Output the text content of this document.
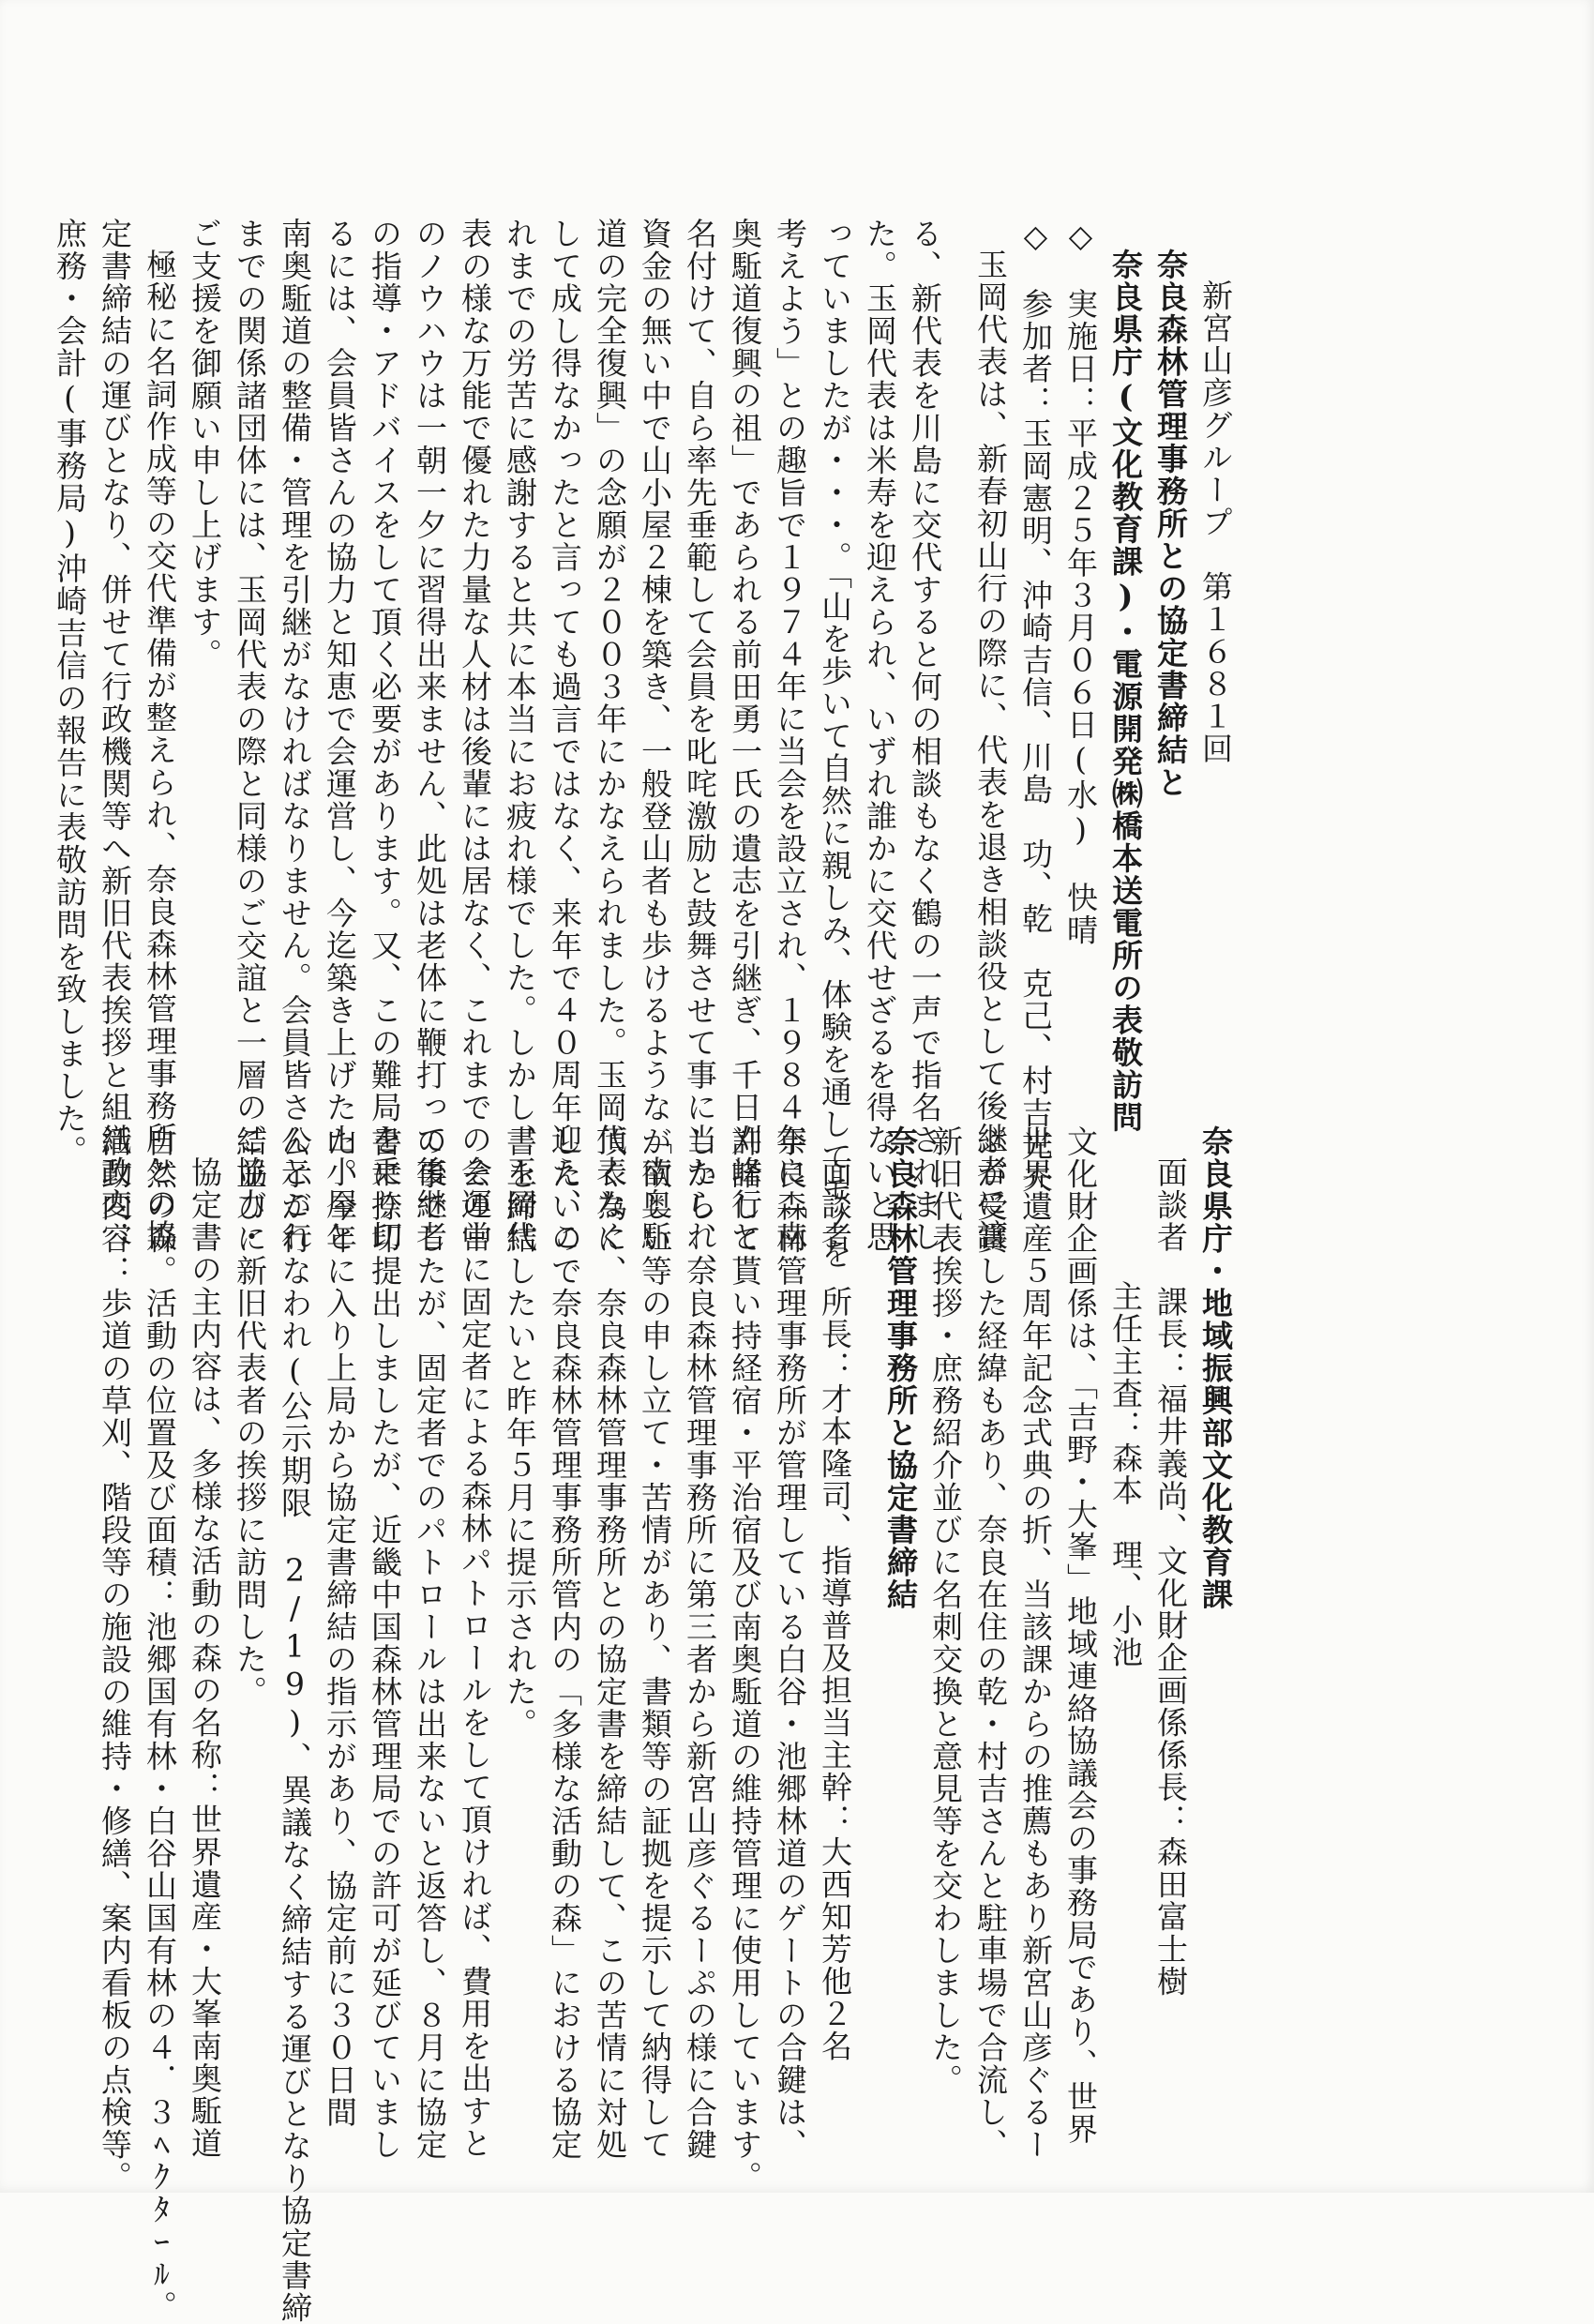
新宮山彦グループ　第１６８１回
奈良森林管理事務所との協定書締結と
奈良県庁(文化教育課)・電源開発㈱橋本送電所の表敬訪問
◇　実施日：平成２５年３月０６日(水)　快晴
◇　参加者：玉岡憲明、沖崎吉信、川島　功、乾　克己、村吉光夫
玉岡代表は、新春初山行の際に、代表を退き相談役として後継者に譲
る、新代表を川島に交代すると何の相談もなく鶴の一声で指名されまし
た。玉岡代表は米寿を迎えられ、いずれ誰かに交代せざるを得ないと思
っていましたが・・・。「山を歩いて自然に親しみ、体験を通してモノを
考えよう」との趣旨で１９７４年に当会を設立され、１９８４年に「南
奥駈道復興の祖」であられる前田勇一氏の遺志を引継ぎ、千日刈峰行と
名付けて、自ら率先垂範して会員を叱咤激励と鼓舞させて事に当たられ、
資金の無い中で山小屋２棟を築き、一般登山者も歩けるような「南奥駈
道の完全復興」の念願が２００３年にかなえられました。玉岡代表なく
して成し得なかったと言っても過言ではなく、来年で４０周年迎え、こ
れまでの労苦に感謝すると共に本当にお疲れ様でした。しかし、玉岡代
表の様な万能で優れた力量な人材は後輩には居なく、これまでの会運営
のノウハウは一朝一夕に習得出来ません、此処は老体に鞭打って後継者
の指導・アドバイスをして頂く必要があります。又、この難局を乗り切
るには、会員皆さんの協力と知恵で会運営し、今迄築き上げた山小屋と
南奥駈道の整備・管理を引継がなければなりません。会員皆さんとこれ
までの関係諸団体には、玉岡代表の際と同様のご交誼と一層のご協力・
ご支援を御願い申し上げます。
極秘に名詞作成等の交代準備が整えられ、奈良森林管理事務所との協
定書締結の運びとなり、併せて行政機関等へ新旧代表挨拶と組織改変；
庶務・会計(事務局)沖崎吉信の報告に表敬訪問を致しました。
奈良県庁・地域振興部文化教育課
面談者　課長：福井義尚、文化財企画係係長：森田富士樹
主任主査：森本　理、小池
文化財企画係は、「吉野・大峯」地域連絡協議会の事務局であり、世界
世界遺産５周年記念式典の折、当該課からの推薦もあり新宮山彦ぐるー
ぷが受賞した経緯もあり、奈良在住の乾・村吉さんと駐車場で合流し、
新旧代表挨拶・庶務紹介並びに名刺交換と意見等を交わしました。
奈良森林管理事務所と協定書締結
面談者　所長：才本隆司、指導普及担当主幹：大西知芳他２名
奈良森林管理事務所が管理している白谷・池郷林道のゲートの合鍵は、
許諾して貰い持経宿・平治宿及び南奥駈道の維持管理に使用しています。
しかし、奈良森林管理事務所に第三者から新宮山彦ぐるーぷの様に合鍵
が欲しい等の申し立て・苦情があり、書類等の証拠を提示して納得して
頂く為に、奈良森林管理事務所との協定書を締結して、この苦情に対処
したいので奈良森林管理事務所管内の「多様な活動の森」における協定
書を締結したいと昨年５月に提示された。
その中に固定者による森林パトロールをして頂ければ、費用を出すと
の事でしたが、固定者でのパトロールは出来ないと返答し、８月に協定
書に捺印提出しましたが、近畿中国森林管理局での許可が延びていまし
た。今年に入り上局から協定書締結の指示があり、協定前に３０日間
公示が行なわれ(公示期限　2/19)、異議なく締結する運びとなり協定書締
結並びに新旧代表者の挨拶に訪問した。
協定書の主内容は、多様な活動の森の名称：世界遺産・大峯南奥駈道
自然の森。活動の位置及び面積：池郷国有林・白谷山国有林の４．３ﾍｸﾀｰﾙ。
活動内容：歩道の草刈、階段等の施設の維持・修繕、案内看板の点検等。
